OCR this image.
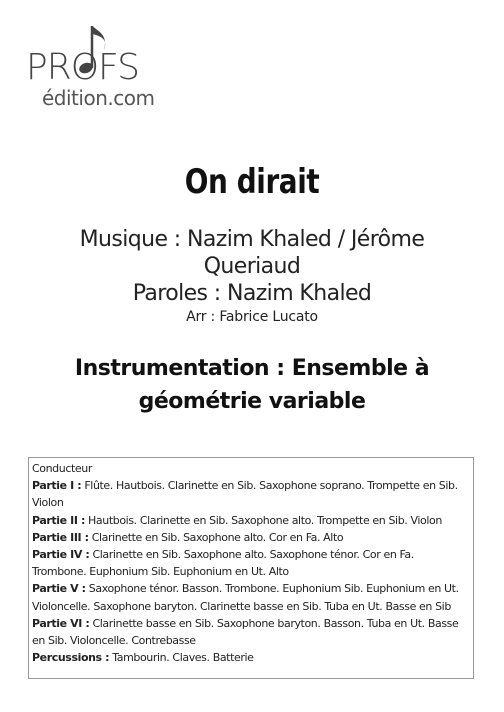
PROFS
édition.com
On dirait
Musique : Nazim Khaled / Jérôme Queriaud
Paroles : Nazim Khaled
Arr : Fabrice Lucato
Instrumentation : Ensemble à géométrie variable
Conducteur
Partie I : Flûte. Hautbois. Clarinette en Sib. Saxophone soprano. Trompette en Sib. Violon
Partie II : Hautbois. Clarinette en Sib. Saxophone alto. Trompette en Sib. Violon
Partie III : Clarinette en Sib. Saxophone alto. Cor en Fa. Alto
Partie IV : Clarinette en Sib. Saxophone alto. Saxophone ténor. Cor en Fa. Trombone. Euphonium Sib. Euphonium en Ut. Alto
Partie V : Saxophone ténor. Basson. Trombone. Euphonium Sib. Euphonium en Ut. Violoncelle. Saxophone baryton. Clarinette basse en Sib. Tuba en Ut. Basse en Sib
Partie VI : Clarinette basse en Sib. Saxophone baryton. Basson. Tuba en Ut. Basse en Sib. Violoncelle. Contrebasse
Percussions : Tambourin. Claves. Batterie
